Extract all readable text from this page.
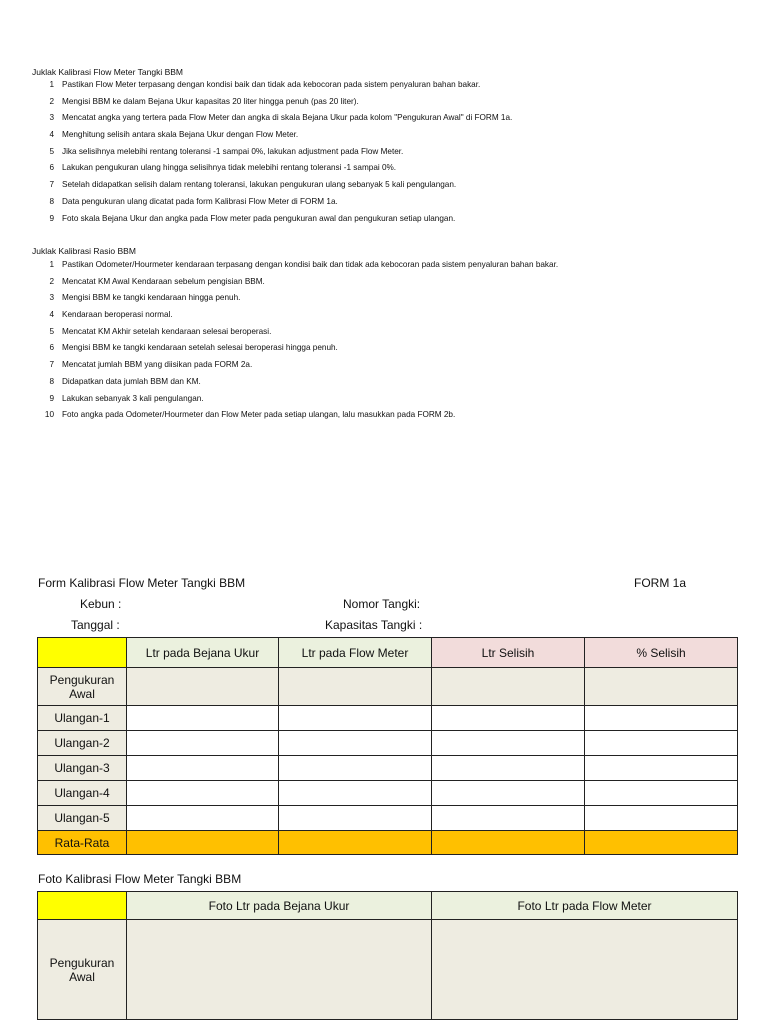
Juklak Kalibrasi Flow Meter Tangki BBM
1 Pastikan Flow Meter terpasang dengan kondisi baik dan tidak ada kebocoran pada sistem penyaluran bahan bakar.
2 Mengisi BBM ke dalam Bejana Ukur kapasitas 20 liter hingga penuh (pas 20 liter).
3 Mencatat angka yang tertera pada Flow Meter dan angka di skala Bejana Ukur pada kolom "Pengukuran Awal" di FORM 1a.
4 Menghitung selisih antara skala Bejana Ukur dengan Flow Meter.
5 Jika selisihnya melebihi rentang toleransi -1 sampai 0%, lakukan adjustment pada Flow Meter.
6 Lakukan pengukuran ulang hingga selisihnya tidak melebihi rentang toleransi -1 sampai 0%.
7 Setelah didapatkan selisih dalam rentang toleransi, lakukan pengukuran ulang sebanyak 5 kali pengulangan.
8 Data pengukuran ulang dicatat pada form Kalibrasi Flow Meter di FORM 1a.
9 Foto skala Bejana Ukur dan angka pada Flow meter pada pengukuran awal dan pengukuran setiap ulangan.
Juklak Kalibrasi Rasio BBM
1 Pastikan Odometer/Hourmeter kendaraan terpasang dengan kondisi baik dan tidak ada kebocoran pada sistem penyaluran bahan bakar.
2 Mencatat KM Awal Kendaraan sebelum pengisian BBM.
3 Mengisi BBM ke tangki kendaraan hingga penuh.
4 Kendaraan beroperasi normal.
5 Mencatat KM Akhir setelah kendaraan selesai beroperasi.
6 Mengisi BBM ke tangki kendaraan setelah selesai beroperasi hingga penuh.
7 Mencatat jumlah BBM yang diisikan pada FORM 2a.
8 Didapatkan data jumlah BBM dan KM.
9 Lakukan sebanyak 3 kali pengulangan.
10 Foto angka pada Odometer/Hourmeter dan Flow Meter pada setiap ulangan, lalu masukkan pada FORM 2b.
Form Kalibrasi Flow Meter Tangki BBM	FORM 1a
Kebun :
Tanggal :
Nomor Tangki:
Kapasitas Tangki :
	Ltr pada Bejana Ukur	Ltr pada Flow Meter	Ltr Selisih	% Selisih
Pengukuran Awal				
Ulangan-1				
Ulangan-2				
Ulangan-3				
Ulangan-4				
Ulangan-5				
Rata-Rata				
Foto Kalibrasi Flow Meter Tangki BBM
	Foto Ltr pada Bejana Ukur	Foto Ltr pada Flow Meter
Pengukuran Awal		
